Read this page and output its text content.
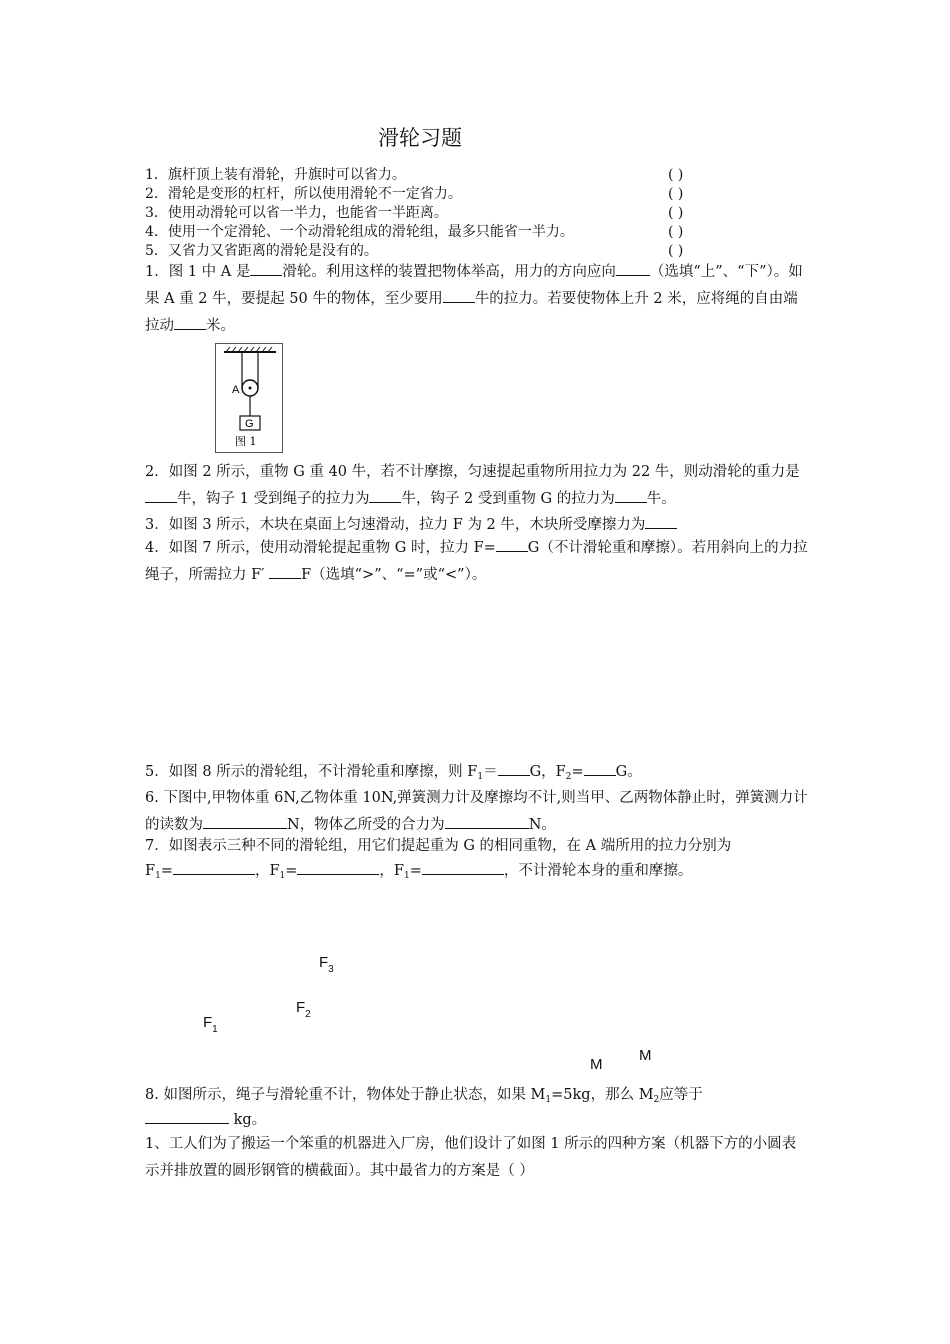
滑轮习题
1．旗杆顶上装有滑轮，升旗时可以省力。	( )
2．滑轮是变形的杠杆，所以使用滑轮不一定省力。	( )
3．使用动滑轮可以省一半力，也能省一半距离。	( )
4．使用一个定滑轮、一个动滑轮组成的滑轮组，最多只能省一半力。	( )
5．又省力又省距离的滑轮是没有的。	( )
1．图 1 中 A 是 滑轮。利用这样的装置把物体举高，用力的方向应向 （选填“上”、“下”）。如果 A 重 2 牛，要提起 50 牛的物体，至少要用 牛的拉力。若要使物体上升 2 米，应将绳的自由端拉动 米。
A
G
图 1
2．如图 2 所示，重物 G 重 40 牛，若不计摩擦，匀速提起重物所用拉力为 22 牛，则动滑轮的重力是牛，钩子 1 受到绳子的拉力为 牛，钩子 2 受到重物 G 的拉力为 牛。
3．如图 3 所示，木块在桌面上匀速滑动，拉力 F 为 2 牛，木块所受摩擦力为
4．如图 7 所示，使用动滑轮提起重物 G 时，拉力 F= G（不计滑轮重和摩擦）。若用斜向上的力拉绳子，所需拉力 F′ F（选填“>”、“=”或“<”）。
5．如图 8 所示的滑轮组，不计滑轮重和摩擦，则 $F_1= G$，$F_2= G$。
6. 下图中,甲物体重 6N,乙物体重 10N,弹簧测力计及摩擦均不计,则当甲、乙两物体静止时，弹簧测力计的读数为	N，物体乙所受的合力为	N。
7．如图表示三种不同的滑轮组，用它们提起重为 G 的相同重物，在 A 端所用的拉力分别为
$F_1=$	，$F_1=$	，$F_1=$	，不计滑轮本身的重和摩擦。
$F_3$
$F_2$
$F_1$
M
M
8. 如图所示，绳子与滑轮重不计，物体处于静止状态，如果 $M_1=5kg$，那么 $M_2$应等于
kg。
1、工人们为了搬运一个笨重的机器进入厂房，他们设计了如图 1 所示的四种方案（机器下方的小圆表示并排放置的圆形钢管的横截面）。其中最省力的方案是（ ）
